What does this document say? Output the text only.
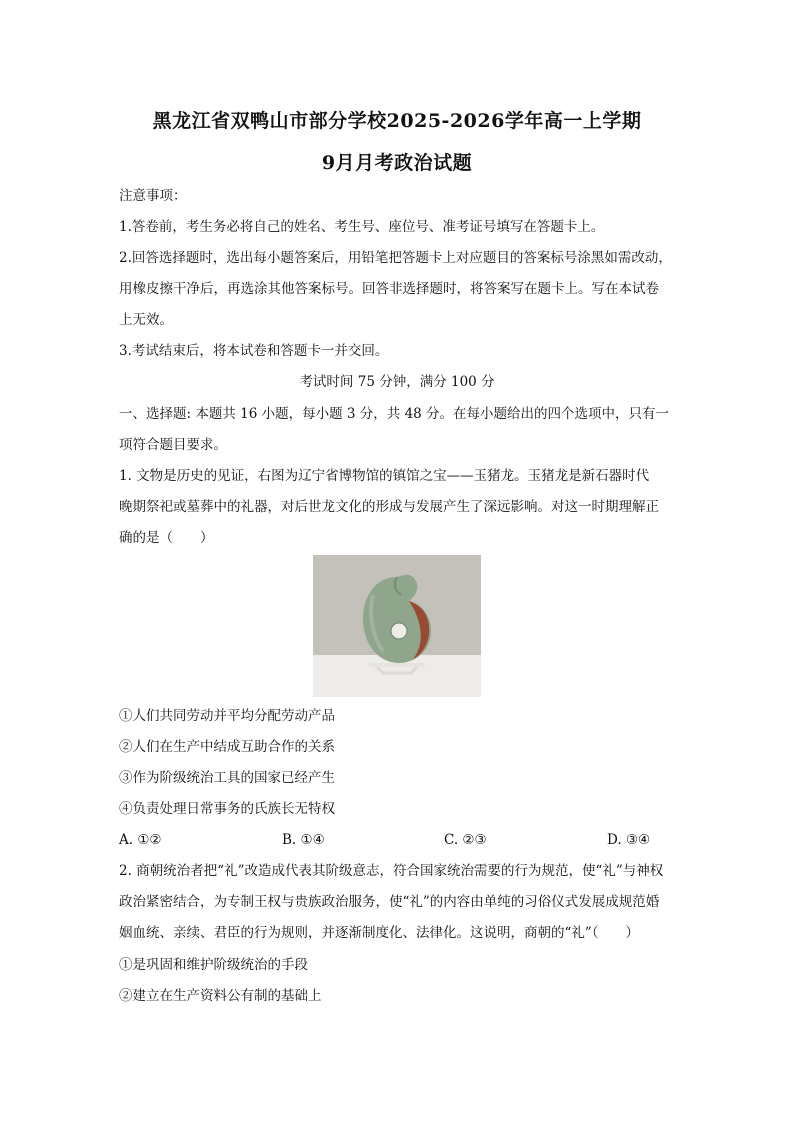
黑龙江省双鸭山市部分学校2025-2026学年高一上学期
9月月考政治试题
注意事项：
1.答卷前，考生务必将自己的姓名、考生号、座位号、准考证号填写在答题卡上。
2.回答选择题时，选出每小题答案后，用铅笔把答题卡上对应题目的答案标号涂黑如需改动，
用橡皮擦干净后，再选涂其他答案标号。回答非选择题时，将答案写在题卡上。写在本试卷
上无效。
3.考试结束后，将本试卷和答题卡一并交回。
考试时间 75 分钟，满分 100 分
一、选择题: 本题共 16 小题，每小题 3 分，共 48 分。在每小题给出的四个选项中，只有一
项符合题目要求。
1. 文物是历史的见证，右图为辽宁省博物馆的镇馆之宝——玉猪龙。玉猪龙是新石器时代
晚期祭祀或墓葬中的礼器，对后世龙文化的形成与发展产生了深远影响。对这一时期理解正
确的是（　　）
①人们共同劳动并平均分配劳动产品
②人们在生产中结成互助合作的关系
③作为阶级统治工具的国家已经产生
④负责处理日常事务的氏族长无特权
A. ①②	B. ①④	C. ②③	D. ③④
2. 商朝统治者把“礼”改造成代表其阶级意志，符合国家统治需要的行为规范，使“礼”与神权
政治紧密结合，为专制王权与贵族政治服务，使“礼”的内容由单纯的习俗仪式发展成规范婚
姻血统、亲续、君臣的行为规则，并逐渐制度化、法律化。这说明，商朝的“礼”（　　）
①是巩固和维护阶级统治的手段
②建立在生产资料公有制的基础上
